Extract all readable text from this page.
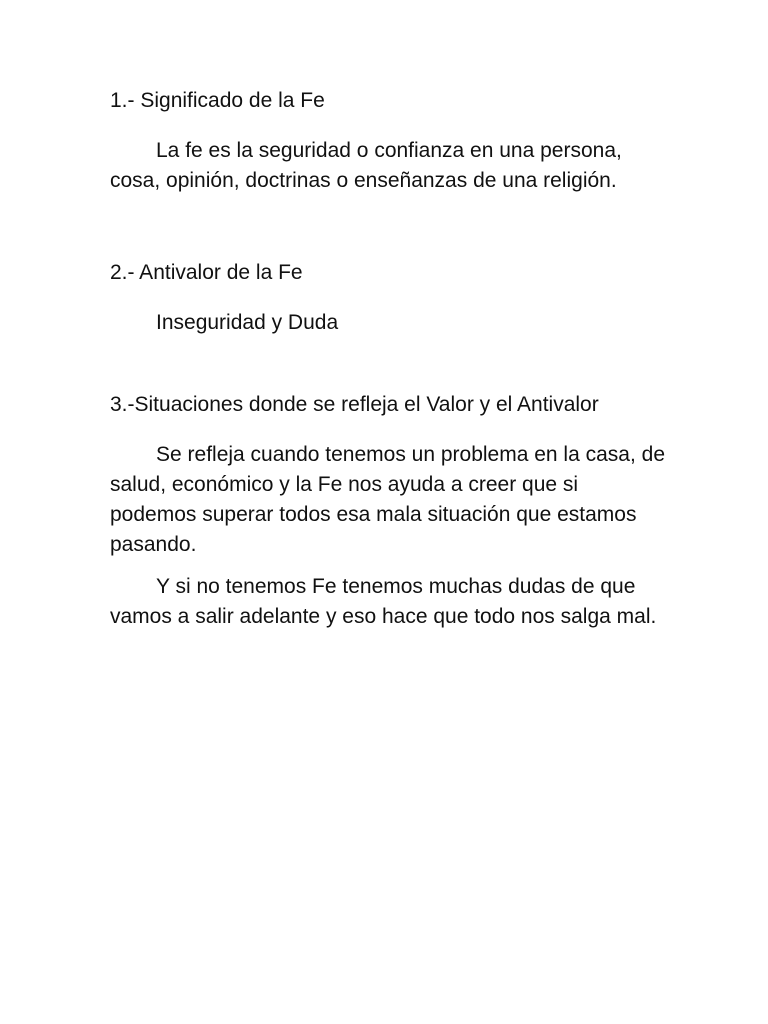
1.- Significado de la Fe

La fe es la seguridad o confianza en una persona, cosa, opinión, doctrinas o enseñanzas de una religión.

2.- Antivalor de la Fe

Inseguridad y Duda

3.-Situaciones donde se refleja el Valor y el Antivalor

Se refleja cuando tenemos un problema en la casa, de salud, económico y la Fe nos ayuda a creer que si podemos superar todos esa mala situación que estamos pasando.

Y si no tenemos Fe tenemos muchas dudas de que vamos a salir adelante y eso hace que todo nos salga mal.
